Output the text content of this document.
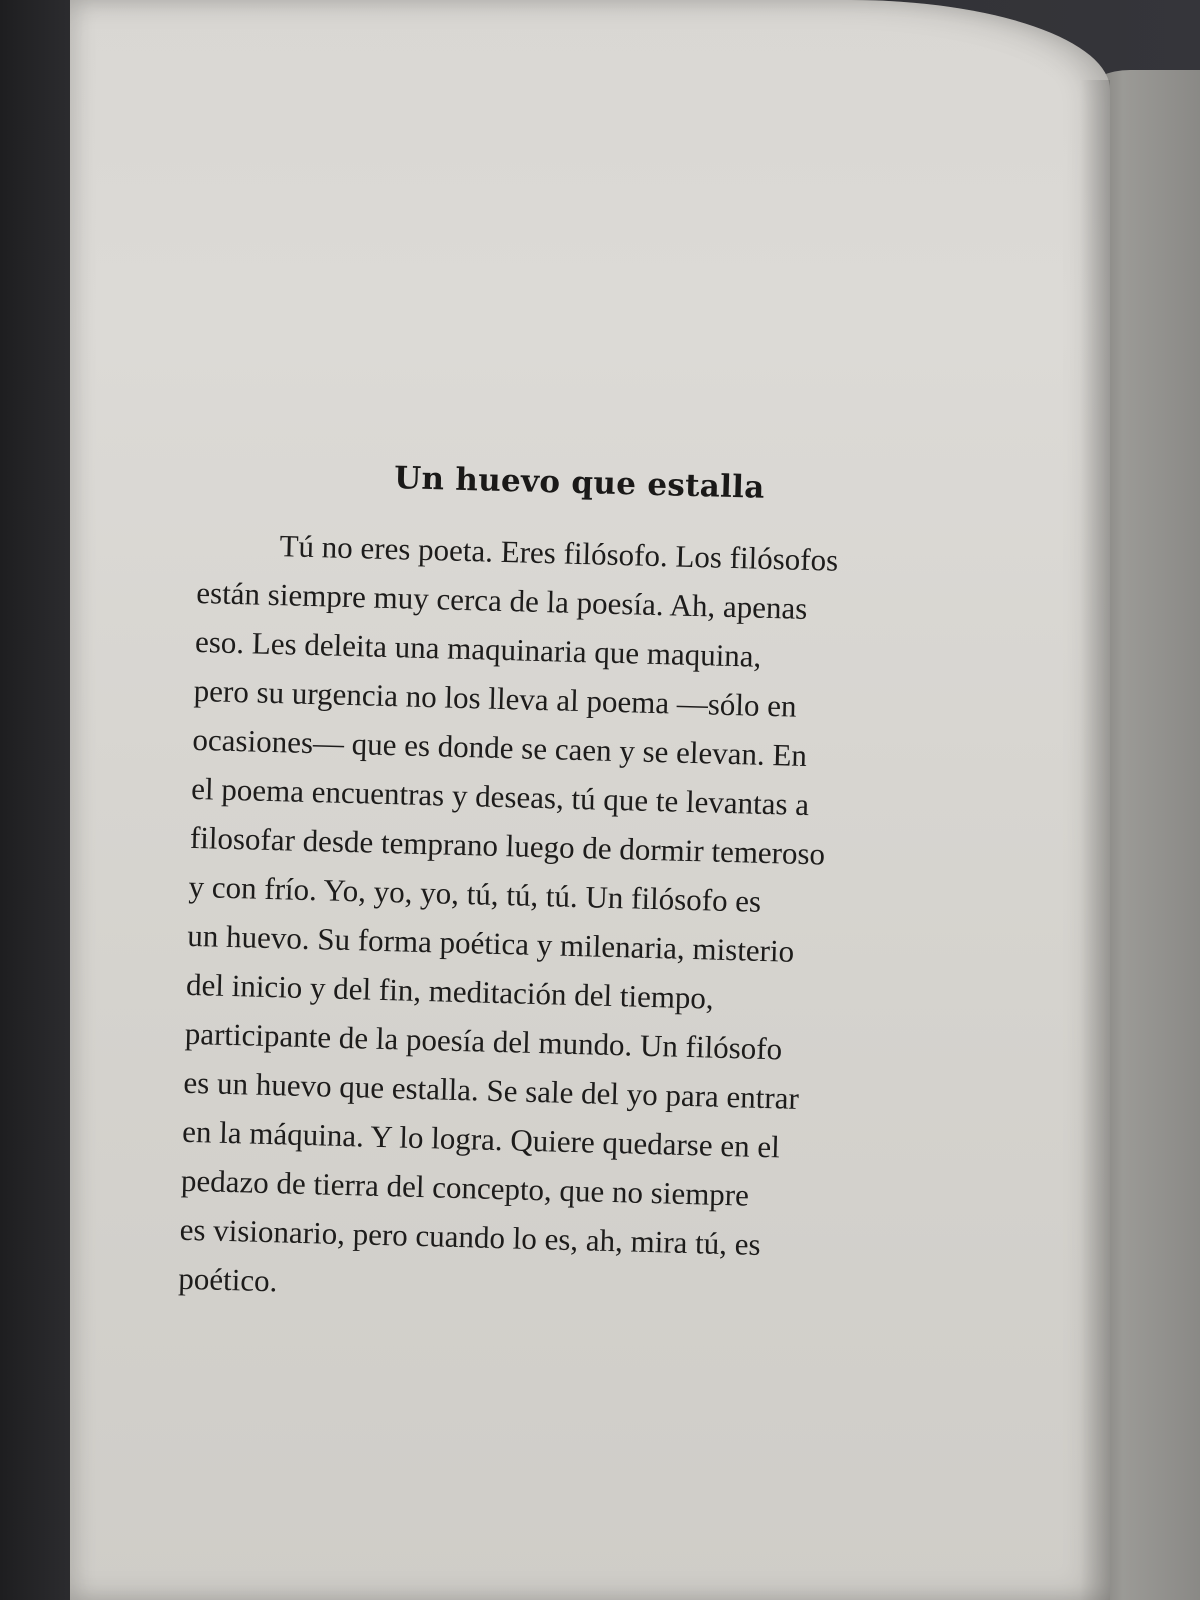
Un huevo que estalla
Tú no eres poeta. Eres filósofo. Los filósofos
están siempre muy cerca de la poesía. Ah, apenas
eso. Les deleita una maquinaria que maquina,
pero su urgencia no los lleva al poema —sólo en
ocasiones— que es donde se caen y se elevan. En
el poema encuentras y deseas, tú que te levantas a
filosofar desde temprano luego de dormir temeroso
y con frío. Yo, yo, yo, tú, tú, tú. Un filósofo es
un huevo. Su forma poética y milenaria, misterio
del inicio y del fin, meditación del tiempo,
participante de la poesía del mundo. Un filósofo
es un huevo que estalla. Se sale del yo para entrar
en la máquina. Y lo logra. Quiere quedarse en el
pedazo de tierra del concepto, que no siempre
es visionario, pero cuando lo es, ah, mira tú, es
poético.
